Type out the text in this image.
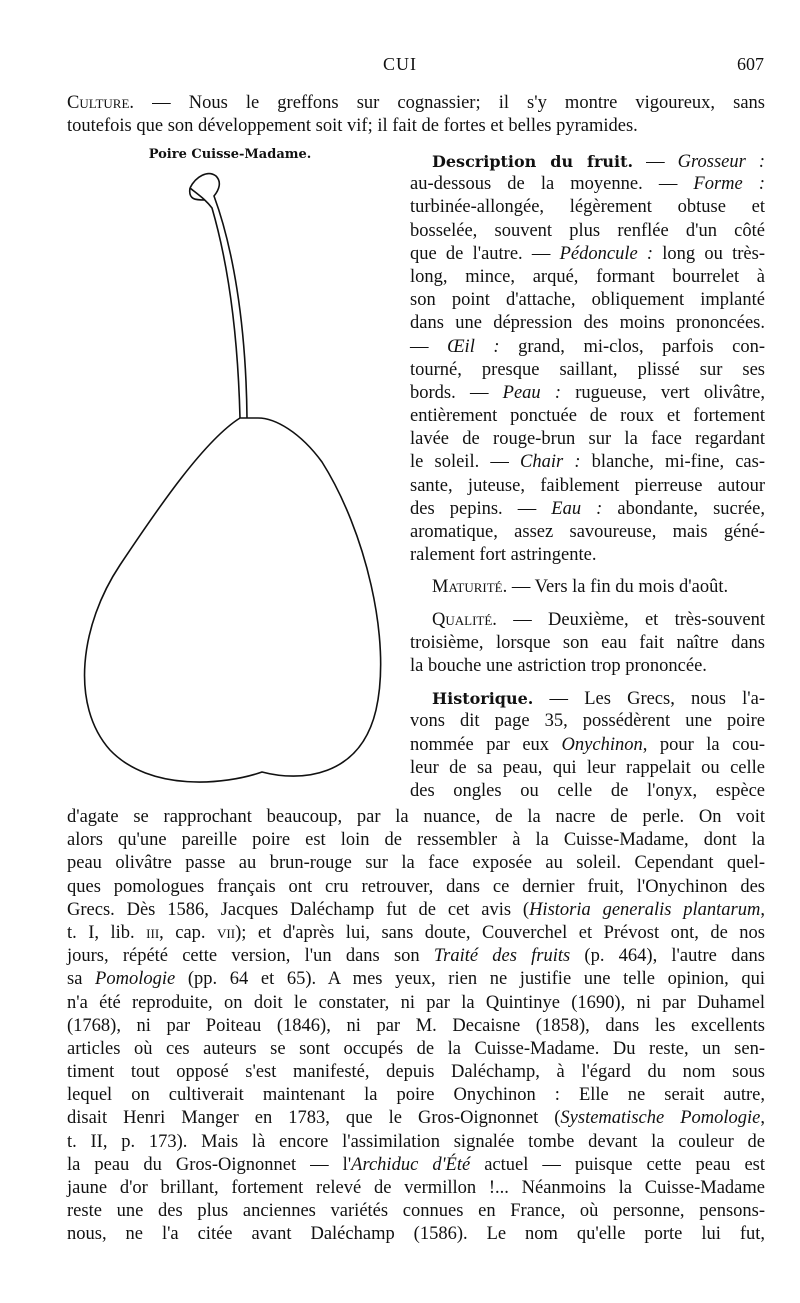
CUI	607
Culture. — Nous le greffons sur cognassier; il s'y montre vigoureux, sans
toutefois que son développement soit vif; il fait de fortes et belles pyramides.
Poire Cuisse-Madame.	Description du fruit. — Grosseur :
au-dessous de la moyenne. — Forme :
turbinée-allongée, légèrement obtuse et
bosselée, souvent plus renflée d'un côté
que de l'autre. — Pédoncule : long ou très-
long, mince, arqué, formant bourrelet à
son point d'attache, obliquement implanté
dans une dépression des moins prononcées.
— Œil : grand, mi-clos, parfois con-
tourné, presque saillant, plissé sur ses
bords. — Peau : rugueuse, vert olivâtre,
entièrement ponctuée de roux et fortement
lavée de rouge-brun sur la face regardant
le soleil. — Chair : blanche, mi-fine, cas-
sante, juteuse, faiblement pierreuse autour
des pepins. — Eau : abondante, sucrée,
aromatique, assez savoureuse, mais géné-
ralement fort astringente.
Maturité. — Vers la fin du mois d'août.
Qualité. — Deuxième, et très-souvent
troisième, lorsque son eau fait naître dans
la bouche une astriction trop prononcée.
Historique. — Les Grecs, nous l'a-
vons dit page 35, possédèrent une poire
nommée par eux Onychinon, pour la cou-
leur de sa peau, qui leur rappelait ou celle
des ongles ou celle de l'onyx, espèce
d'agate se rapprochant beaucoup, par la nuance, de la nacre de perle. On voit
alors qu'une pareille poire est loin de ressembler à la Cuisse-Madame, dont la
peau olivâtre passe au brun-rouge sur la face exposée au soleil. Cependant quel-
ques pomologues français ont cru retrouver, dans ce dernier fruit, l'Onychinon des
Grecs. Dès 1586, Jacques Daléchamp fut de cet avis (Historia generalis plantarum,
t. I, lib. iii, cap. vii); et d'après lui, sans doute, Couverchel et Prévost ont, de nos
jours, répété cette version, l'un dans son Traité des fruits (p. 464), l'autre dans
sa Pomologie (pp. 64 et 65). A mes yeux, rien ne justifie une telle opinion, qui
n'a été reproduite, on doit le constater, ni par la Quintinye (1690), ni par Duhamel
(1768), ni par Poiteau (1846), ni par M. Decaisne (1858), dans les excellents
articles où ces auteurs se sont occupés de la Cuisse-Madame. Du reste, un sen-
timent tout opposé s'est manifesté, depuis Daléchamp, à l'égard du nom sous
lequel on cultiverait maintenant la poire Onychinon : Elle ne serait autre,
disait Henri Manger en 1783, que le Gros-Oignonnet (Systematische Pomologie,
t. II, p. 173). Mais là encore l'assimilation signalée tombe devant la couleur de
la peau du Gros-Oignonnet — l'Archiduc d'Été actuel — puisque cette peau est
jaune d'or brillant, fortement relevé de vermillon !... Néanmoins la Cuisse-Madame
reste une des plus anciennes variétés connues en France, où personne, pensons-
nous, ne l'a citée avant Daléchamp (1586). Le nom qu'elle porte lui fut,
